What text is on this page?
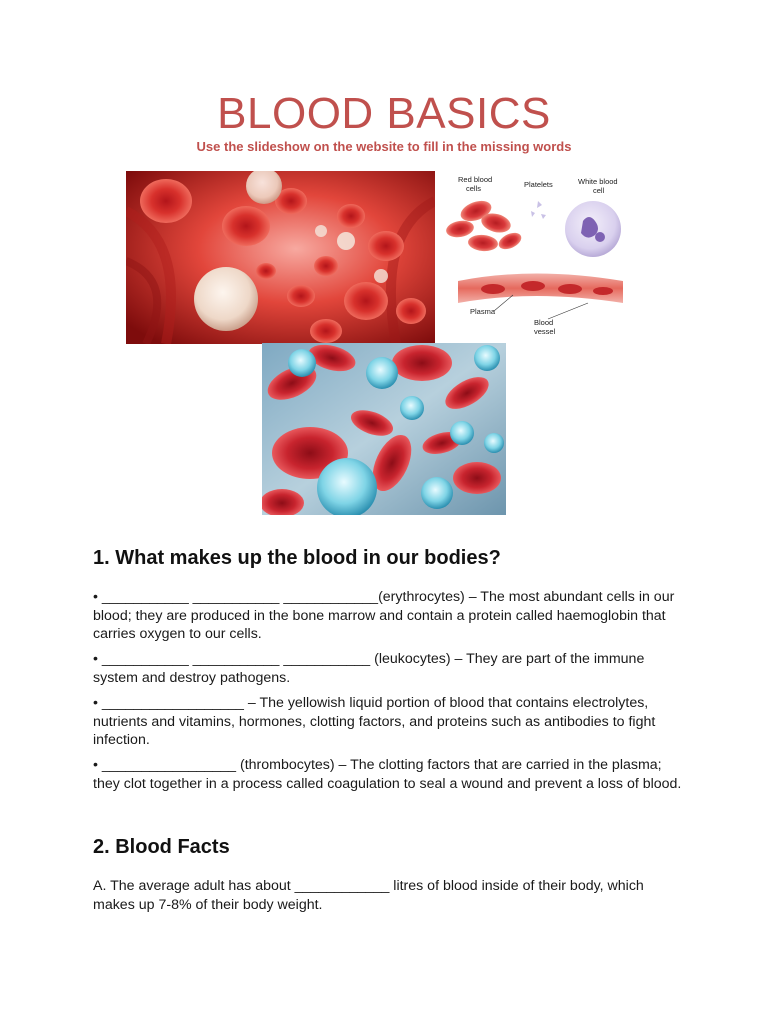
BLOOD BASICS
Use the slideshow on the website to fill in the missing words
Red blood
cells	Platelets	White blood
cell
Plasma
Blood
vessel
1. What makes up the blood in our bodies?

• ___________ ___________ ____________(erythrocytes) – The most abundant cells in our blood; they are produced in the bone marrow and contain a protein called haemoglobin that carries oxygen to our cells.

• ___________ ___________ ___________ (leukocytes) – They are part of the immune system and destroy pathogens.

• __________________ – The yellowish liquid portion of blood that contains electrolytes, nutrients and vitamins, hormones, clotting factors, and proteins such as antibodies to fight infection.

• _________________ (thrombocytes) – The clotting factors that are carried in the plasma; they clot together in a process called coagulation to seal a wound and prevent a loss of blood.

2. Blood Facts

A. The average adult has about ____________ litres of blood inside of their body, which makes up 7-8% of their body weight.
